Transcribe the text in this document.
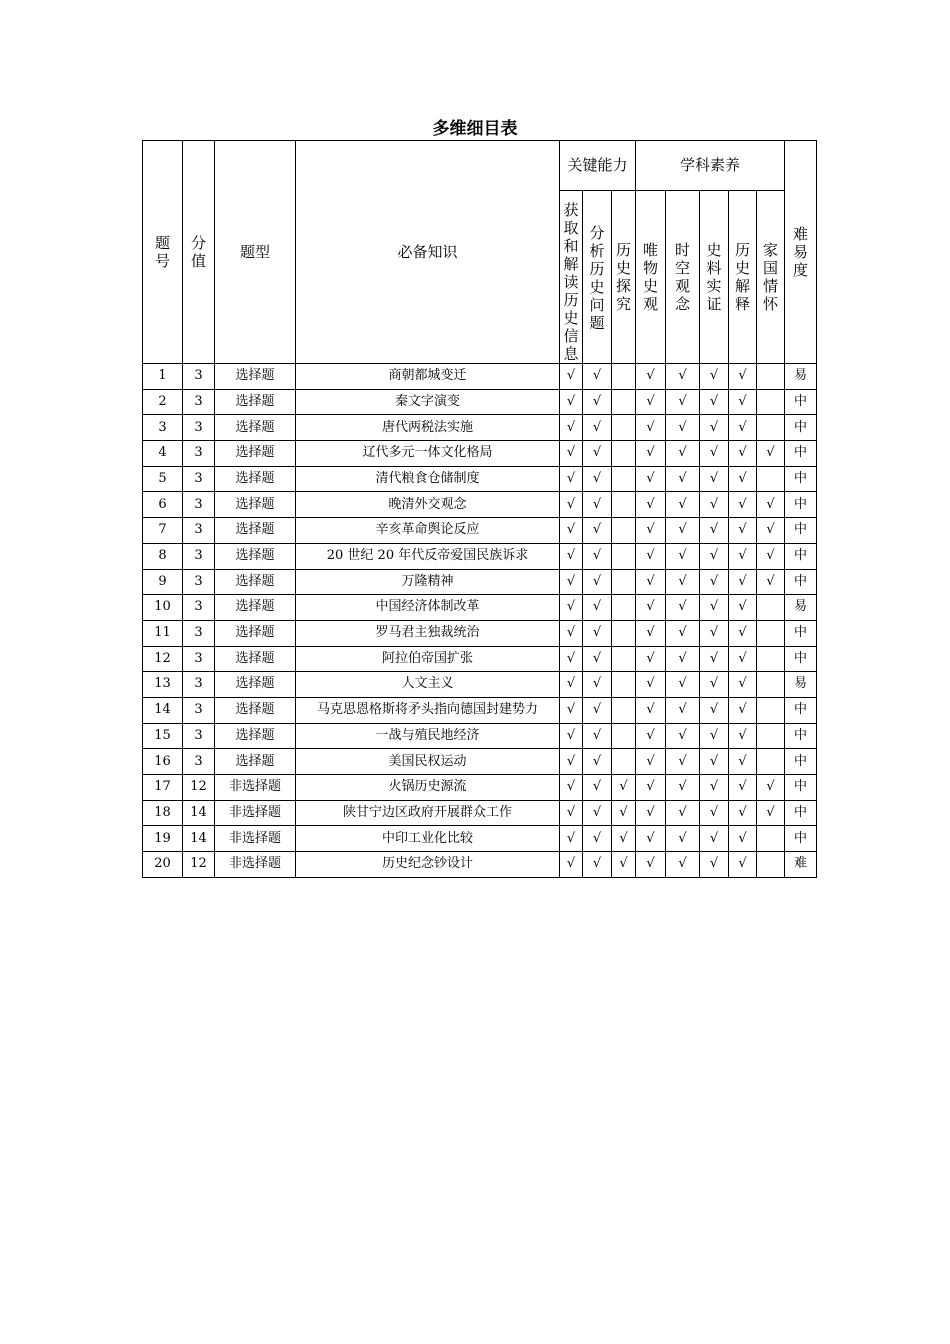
多维细目表
题号	分值	题型	必备知识	关键能力			学科素养					难易度
				获取和解读历史信息	分析历史问题	历史探究	唯物史观	时空观念	史料实证	历史解释	家国情怀	
1	3	选择题	商朝都城变迁	√	√		√	√	√	√		易
2	3	选择题	秦文字演变	√	√		√	√	√	√		中
3	3	选择题	唐代两税法实施	√	√		√	√	√	√		中
4	3	选择题	辽代多元一体文化格局	√	√		√	√	√	√	√	中
5	3	选择题	清代粮食仓储制度	√	√		√	√	√	√		中
6	3	选择题	晚清外交观念	√	√		√	√	√	√	√	中
7	3	选择题	辛亥革命舆论反应	√	√		√	√	√	√	√	中
8	3	选择题	20 世纪 20 年代反帝爱国民族诉求	√	√		√	√	√	√	√	中
9	3	选择题	万隆精神	√	√		√	√	√	√	√	中
10	3	选择题	中国经济体制改革	√	√		√	√	√	√		易
11	3	选择题	罗马君主独裁统治	√	√		√	√	√	√		中
12	3	选择题	阿拉伯帝国扩张	√	√		√	√	√	√		中
13	3	选择题	人文主义	√	√		√	√	√	√		易
14	3	选择题	马克思恩格斯将矛头指向德国封建势力	√	√		√	√	√	√		中
15	3	选择题	一战与殖民地经济	√	√		√	√	√	√		中
16	3	选择题	美国民权运动	√	√		√	√	√	√		中
17	12	非选择题	火锅历史源流	√	√	√	√	√	√	√	√	中
18	14	非选择题	陕甘宁边区政府开展群众工作	√	√	√	√	√	√	√	√	中
19	14	非选择题	中印工业化比较	√	√	√	√	√	√	√		中
20	12	非选择题	历史纪念钞设计	√	√	√	√	√	√	√		难
